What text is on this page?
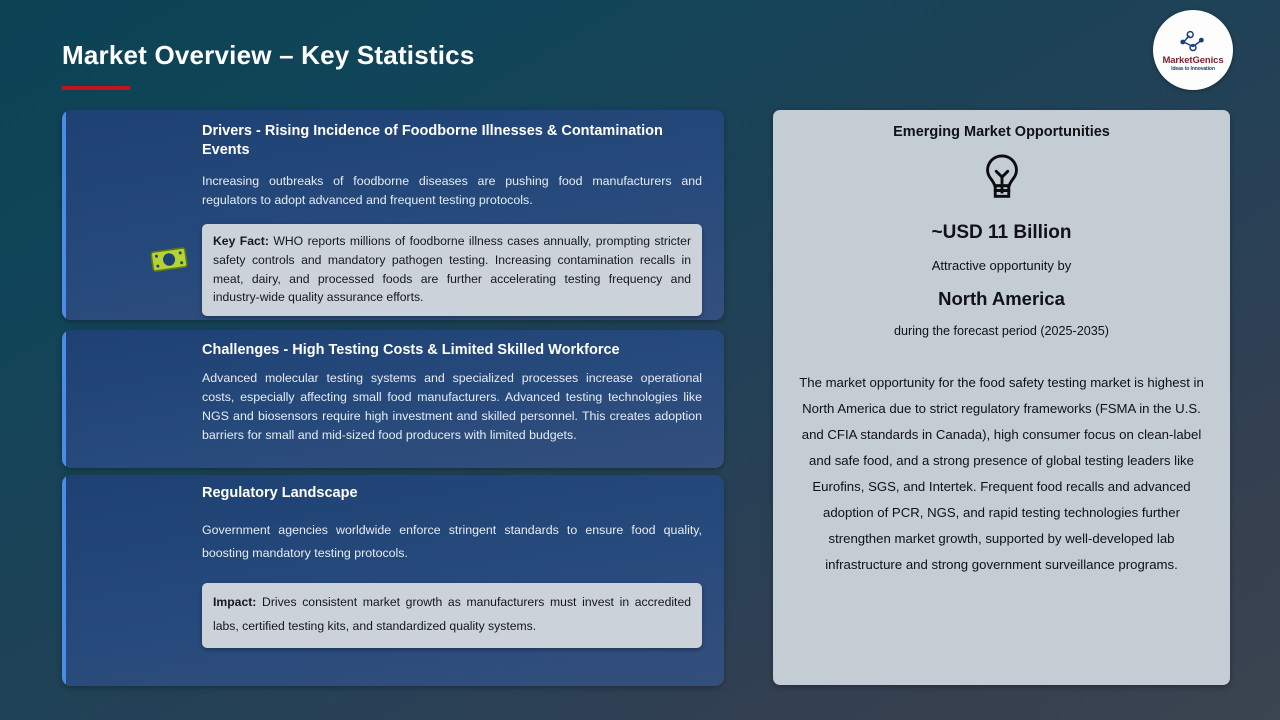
Market Overview – Key Statistics	MarketGenics
Ideas to Innovation
Drivers - Rising Incidence of Foodborne Illnesses & Contamination Events
Increasing outbreaks of foodborne diseases are pushing food manufacturers and regulators to adopt advanced and frequent testing protocols.
Key Fact: WHO reports millions of foodborne illness cases annually, prompting stricter safety controls and mandatory pathogen testing. Increasing contamination recalls in meat, dairy, and processed foods are further accelerating testing frequency and industry-wide quality assurance efforts.
Challenges - High Testing Costs & Limited Skilled Workforce
Advanced molecular testing systems and specialized processes increase operational costs, especially affecting small food manufacturers. Advanced testing technologies like NGS and biosensors require high investment and skilled personnel. This creates adoption barriers for small and mid-sized food producers with limited budgets.
Regulatory Landscape
Government agencies worldwide enforce stringent standards to ensure food quality, boosting mandatory testing protocols.
Impact: Drives consistent market growth as manufacturers must invest in accredited labs, certified testing kits, and standardized quality systems.
Emerging Market Opportunities
~USD 11 Billion
Attractive opportunity by
North America
during the forecast period (2025-2035)
The market opportunity for the food safety testing market is highest in North America due to strict regulatory frameworks (FSMA in the U.S. and CFIA standards in Canada), high consumer focus on clean-label and safe food, and a strong presence of global testing leaders like Eurofins, SGS, and Intertek. Frequent food recalls and advanced adoption of PCR, NGS, and rapid testing technologies further strengthen market growth, supported by well-developed lab infrastructure and strong government surveillance programs.
